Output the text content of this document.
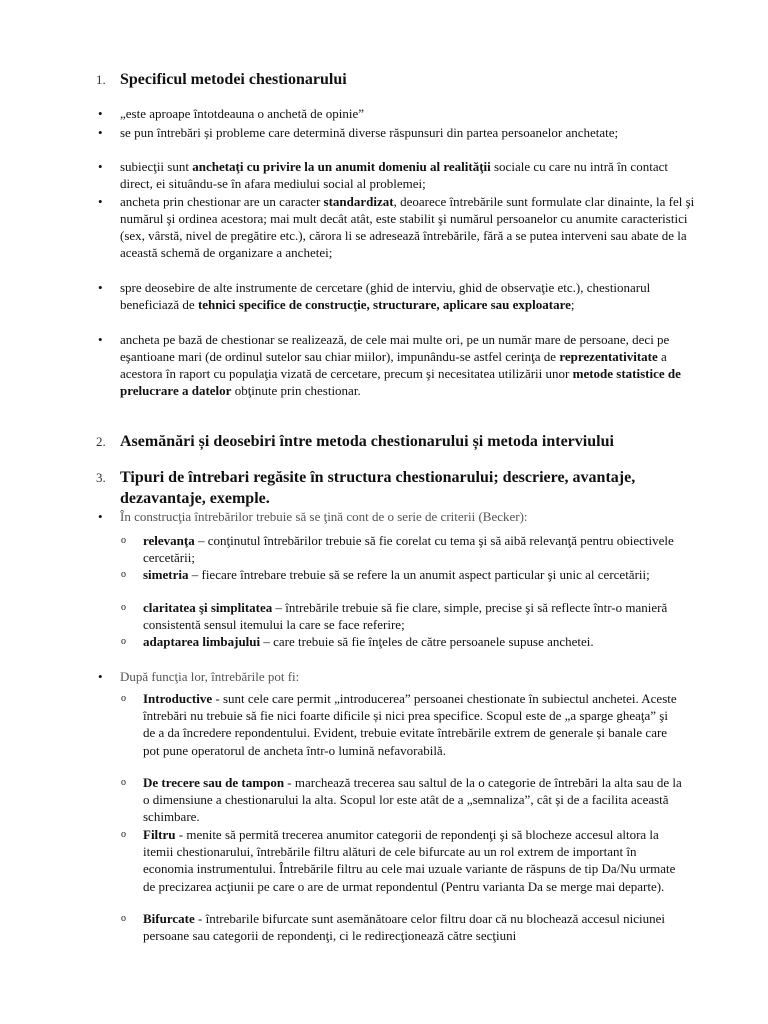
1. Specificul metodei chestionarului
• „este aproape întotdeauna o anchetă de opinie”
• se pun întrebări și probleme care determină diverse răspunsuri din partea persoanelor anchetate;
• subiecţii sunt anchetaţi cu privire la un anumit domeniu al realităţii sociale cu care nu intră în contact direct, ei situându-se în afara mediului social al problemei;
• ancheta prin chestionar are un caracter standardizat, deoarece întrebările sunt formulate clar dinainte, la fel şi numărul şi ordinea acestora; mai mult decât atât, este stabilit şi numărul persoanelor cu anumite caracteristici (sex, vârstă, nivel de pregătire etc.), cărora li se adresează întrebările, fără a se putea interveni sau abate de la această schemă de organizare a anchetei;
• spre deosebire de alte instrumente de cercetare (ghid de interviu, ghid de observaţie etc.), chestionarul beneficiază de tehnici specifice de construcţie, structurare, aplicare sau exploatare;
• ancheta pe bază de chestionar se realizează, de cele mai multe ori, pe un număr mare de persoane, deci pe eşantioane mari (de ordinul sutelor sau chiar miilor), impunându-se astfel cerinţa de reprezentativitate a acestora în raport cu populaţia vizată de cercetare, precum şi necesitatea utilizării unor metode statistice de prelucrare a datelor obţinute prin chestionar.
2. Asemănări și deosebiri între metoda chestionarului și metoda interviului
3. Tipuri de întrebari regăsite în structura chestionarului; descriere, avantaje, dezavantaje, exemple.
• În construcţia întrebărilor trebuie să se ţină cont de o serie de criterii (Becker):
o relevanţa – conţinutul întrebărilor trebuie să fie corelat cu tema şi să aibă relevanţă pentru obiectivele cercetării;
o simetria – fiecare întrebare trebuie să se refere la un anumit aspect particular şi unic al cercetării;
o claritatea şi simplitatea – întrebările trebuie să fie clare, simple, precise şi să reflecte într-o manieră consistentă sensul itemului la care se face referire;
o adaptarea limbajului – care trebuie să fie înţeles de către persoanele supuse anchetei.
• După funcţia lor, întrebările pot fi:
o Introductive - sunt cele care permit „introducerea” persoanei chestionate în subiectul anchetei. Aceste întrebări nu trebuie să fie nici foarte dificile și nici prea specifice. Scopul este de „a sparge gheaţa” şi de a da încredere repondentului. Evident, trebuie evitate întrebările extrem de generale și banale care pot pune operatorul de ancheta într-o lumină nefavorabilă.
o De trecere sau de tampon - marchează trecerea sau saltul de la o categorie de întrebări la alta sau de la o dimensiune a chestionarului la alta. Scopul lor este atât de a „semnaliza”, cât și de a facilita această schimbare.
o Filtru - menite să permită trecerea anumitor categorii de repondenţi şi să blocheze accesul altora la itemii chestionarului, întrebările filtru alături de cele bifurcate au un rol extrem de important în economia instrumentului. Întrebările filtru au cele mai uzuale variante de răspuns de tip Da/Nu urmate de precizarea acţiunii pe care o are de urmat repondentul (Pentru varianta Da se merge mai departe).
o Bifurcate - întrebarile bifurcate sunt asemănătoare celor filtru doar că nu blochează accesul niciunei persoane sau categorii de repondenţi, ci le redirecţionează către secţiuni
